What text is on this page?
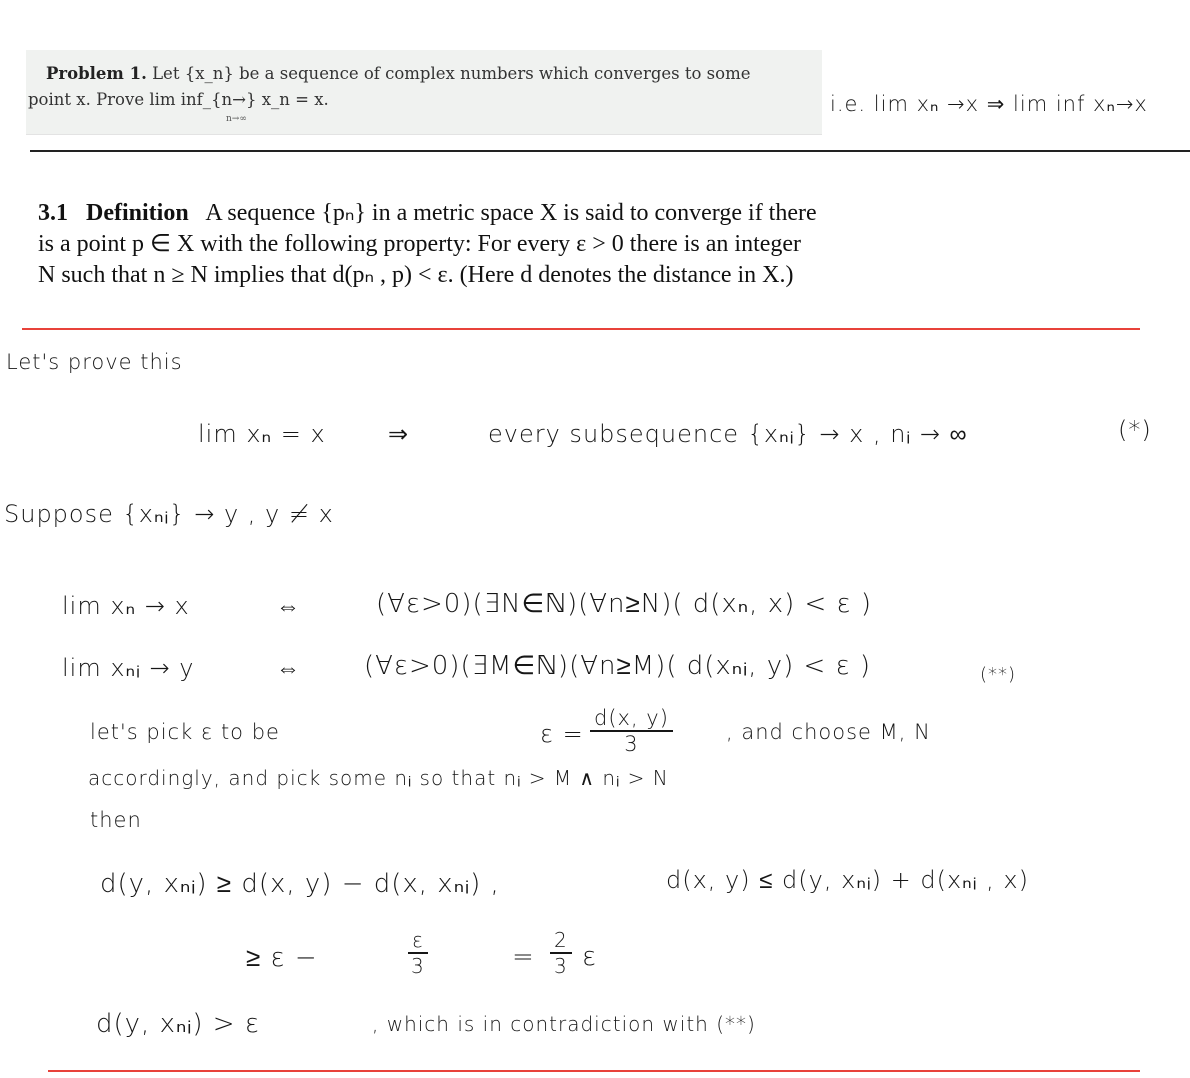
Problem 1. Let {x_n} be a sequence of complex numbers which converges to some
point x. Prove lim inf_{n→} x_n = x.
n→∞
i.e. lim xₙ →x ⇒ lim inf xₙ→x
3.1 Definition A sequence {pₙ} in a metric space X is said to converge if there
is a point p ∈ X with the following property: For every ε > 0 there is an integer
N such that n ≥ N implies that d(pₙ , p) < ε. (Here d denotes the distance in X.)
Let's prove this
lim xₙ = x	⇒	every subsequence {xₙᵢ} → x , nᵢ → ∞	(*)
Suppose {xₙᵢ} → y , y ≠ x
lim xₙ → x	⇔	(∀ε>0)(∃N∈ℕ)(∀n≥N)( d(xₙ, x) < ε )
lim xₙᵢ → y	⇔ (∀ε>0)(∃M∈ℕ)(∀n≥M)( d(xₙᵢ, y) < ε )	(**)
let's pick ε to be	$\varepsilon = \frac{d(x, y)}{3}$	, and choose M, N
accordingly, and pick some nᵢ so that nᵢ > M ∧ nᵢ > N
then
d(y, xₙᵢ) ≥ d(x, y) − d(x, xₙᵢ) ,	d(x, y) ≤ d(y, xₙᵢ) + d(xₙᵢ , x)
≥ ε −	$\frac{\varepsilon}{3}$	= $\frac{2}{3}$ ε
d(y, xₙᵢ) > ε	, which is in contradiction with (**)
